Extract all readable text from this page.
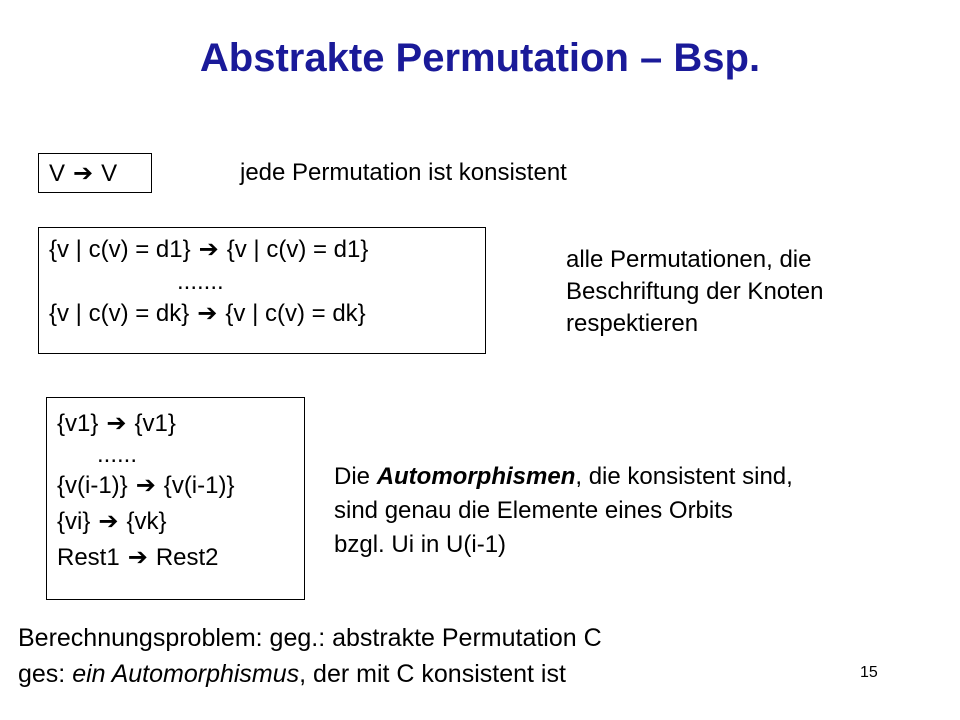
Abstrakte Permutation – Bsp.
V ➔ V	jede Permutation ist konsistent
{v | c(v) = d1} ➔ {v | c(v) = d1}
.......
{v | c(v) = dk} ➔ {v | c(v) = dk}
alle Permutationen, die
Beschriftung der Knoten
respektieren
{v1} ➔ {v1}
......
{v(i-1)} ➔ {v(i-1)}
{vi} ➔ {vk}
Rest1 ➔ Rest2
Die Automorphismen, die konsistent sind,
sind genau die Elemente eines Orbits
bzgl. Ui in U(i-1)
Berechnungsproblem: geg.: abstrakte Permutation C
ges: ein Automorphismus, der mit C konsistent ist	15
